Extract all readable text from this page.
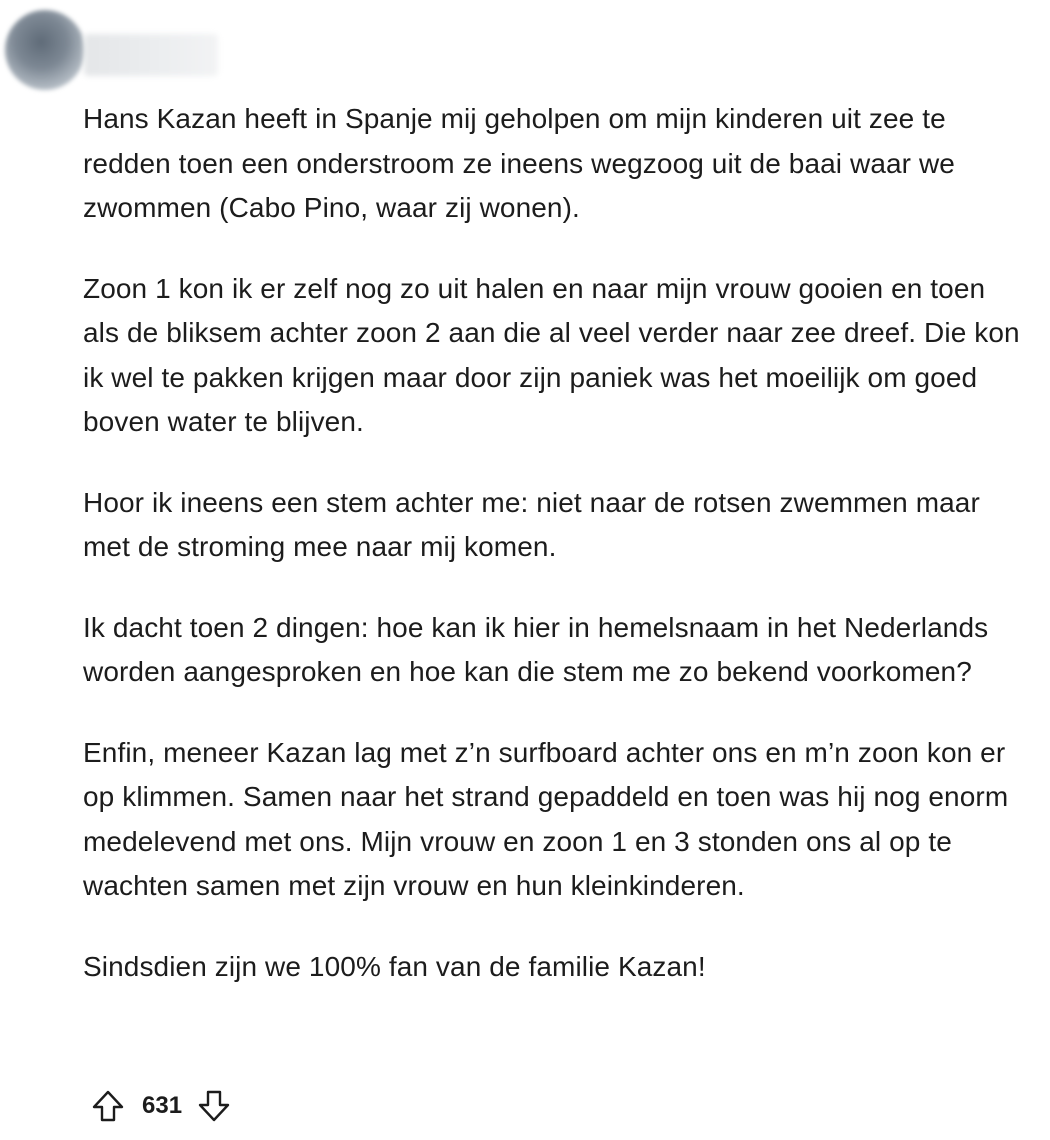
Hans Kazan heeft in Spanje mij geholpen om mijn kinderen uit zee te redden toen een onderstroom ze ineens wegzoog uit de baai waar we zwommen (Cabo Pino, waar zij wonen).

Zoon 1 kon ik er zelf nog zo uit halen en naar mijn vrouw gooien en toen als de bliksem achter zoon 2 aan die al veel verder naar zee dreef. Die kon ik wel te pakken krijgen maar door zijn paniek was het moeilijk om goed boven water te blijven.

Hoor ik ineens een stem achter me: niet naar de rotsen zwemmen maar met de stroming mee naar mij komen.

Ik dacht toen 2 dingen: hoe kan ik hier in hemelsnaam in het Nederlands worden aangesproken en hoe kan die stem me zo bekend voorkomen?

Enfin, meneer Kazan lag met z’n surfboard achter ons en m’n zoon kon er op klimmen. Samen naar het strand gepaddeld en toen was hij nog enorm medelevend met ons. Mijn vrouw en zoon 1 en 3 stonden ons al op te wachten samen met zijn vrouw en hun kleinkinderen.

Sindsdien zijn we 100% fan van de familie Kazan!

631
